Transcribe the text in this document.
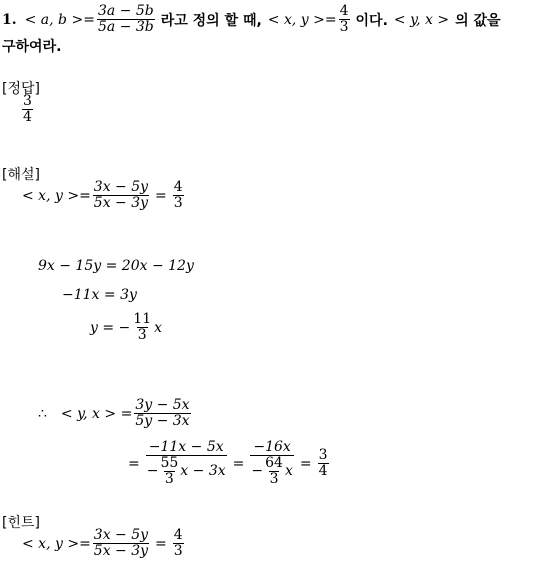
1. < a, $b >= \frac{3a - 5b}{5a - 3b}$ 라고 정의 할 때, < x, $y >= \frac{4}{3}$ 이다. < y, x > 의 값을
구하여라.
[정답]
$\frac{3}{4}$
[해설]
< x, $y >= \frac{3x - 5y}{5x - 3y} = \frac{4}{3}$
9x − 15y = 20x − 12y
−11x = 3y
y = − $\frac{11}{3}$ x
∴ < y, x > = $\frac{3y - 5x}{5y - 3x}$
= $\frac{-11x - 5x}{- \frac{55}{3} x - 3x} = \frac{-16x}{- \frac{64}{3} x} = \frac{3}{4}$
[힌트]
< x, $y >= \frac{3x - 5y}{5x - 3y} = \frac{4}{3}$
